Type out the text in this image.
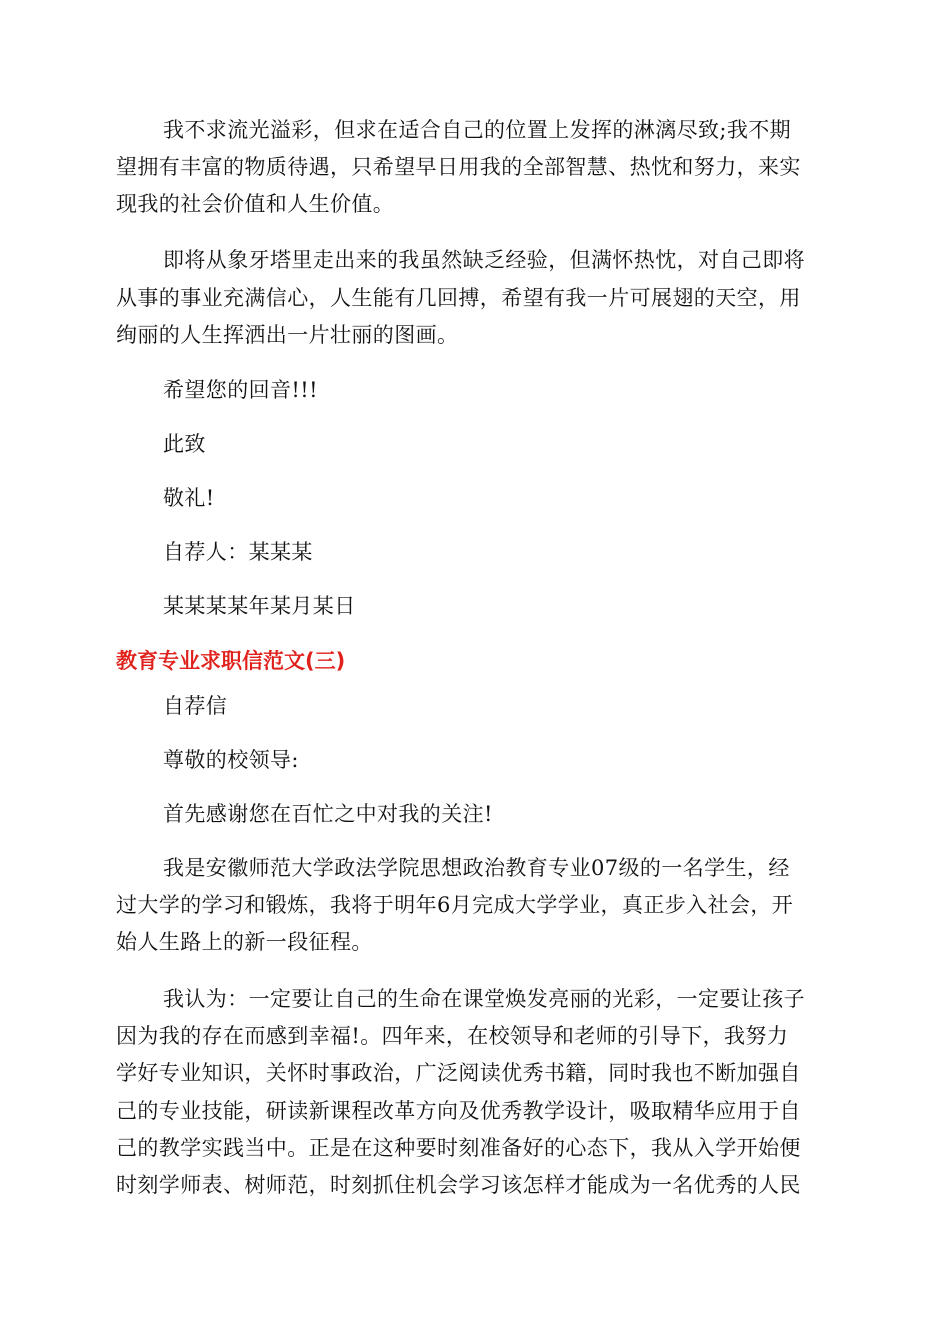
我不求流光溢彩，但求在适合自己的位置上发挥的淋漓尽致;我不期
望拥有丰富的物质待遇，只希望早日用我的全部智慧、热忱和努力，来实
现我的社会价值和人生价值。
即将从象牙塔里走出来的我虽然缺乏经验，但满怀热忱，对自己即将
从事的事业充满信心，人生能有几回搏，希望有我一片可展翅的天空，用
绚丽的人生挥洒出一片壮丽的图画。
希望您的回音!!!
此致
敬礼!
自荐人：某某某
某某某某年某月某日
教育专业求职信范文(三)
自荐信
尊敬的校领导:
首先感谢您在百忙之中对我的关注!
我是安徽师范大学政法学院思想政治教育专业07级的一名学生，经
过大学的学习和锻炼，我将于明年6月完成大学学业，真正步入社会，开
始人生路上的新一段征程。
我认为：一定要让自己的生命在课堂焕发亮丽的光彩，一定要让孩子
因为我的存在而感到幸福!。四年来，在校领导和老师的引导下，我努力
学好专业知识，关怀时事政治，广泛阅读优秀书籍，同时我也不断加强自
己的专业技能，研读新课程改革方向及优秀教学设计，吸取精华应用于自
己的教学实践当中。正是在这种要时刻准备好的心态下，我从入学开始便
时刻学师表、树师范，时刻抓住机会学习该怎样才能成为一名优秀的人民
